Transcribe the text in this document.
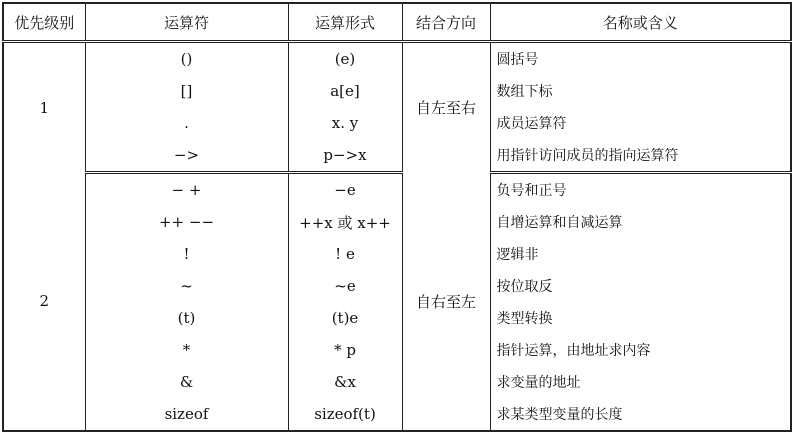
优先级别	运算符	运算形式	结合方向	名称或含义
1	()	(e)	自左至右	圆括号
	[]	a[e]		数组下标
	.	x. y		成员运算符
	−>	p−>x		用指针访问成员的指向运算符
2	− +	−e	自右至左	负号和正号
	++ −−	++x 或 x++		自增运算和自减运算
	!	! e		逻辑非
	~	~e		按位取反
	(t)	(t)e		类型转换
	*	* p		指针运算，由地址求内容
	&	&x		求变量的地址
	sizeof	sizeof(t)		求某类型变量的长度
